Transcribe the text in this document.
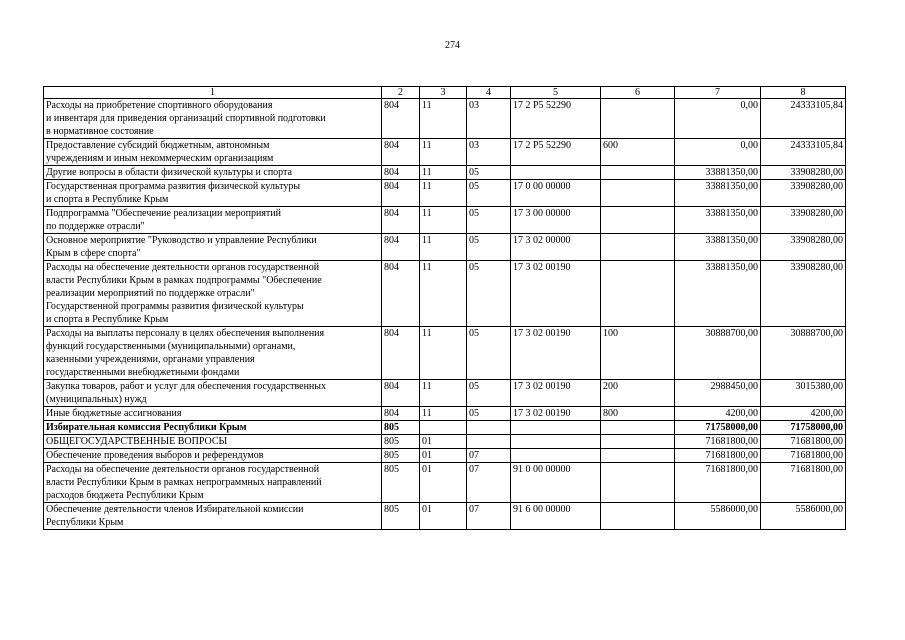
274
1	2	3	4	5	6	7	8
Расходы на приобретение спортивного оборудования
и инвентаря для приведения организаций спортивной подготовки
в нормативное состояние	804	11	03	17 2 Р5 52290		0,00	24333105,84
Предоставление субсидий бюджетным, автономным
учреждениям и иным некоммерческим организациям	804	11	03	17 2 Р5 52290	600	0,00	24333105,84
Другие вопросы в области физической культуры и спорта	804	11	05			33881350,00	33908280,00
Государственная программа развития физической культуры
и спорта в Республике Крым	804	11	05	17 0 00 00000		33881350,00	33908280,00
Подпрограмма "Обеспечение реализации мероприятий
по поддержке отрасли"	804	11	05	17 3 00 00000		33881350,00	33908280,00
Основное мероприятие "Руководство и управление Республики
Крым в сфере спорта"	804	11	05	17 3 02 00000		33881350,00	33908280,00
Расходы на обеспечение деятельности органов государственной
власти Республики Крым в рамках подпрограммы "Обеспечение
реализации мероприятий по поддержке отрасли"
Государственной программы развития физической культуры
и спорта в Республике Крым	804	11	05	17 3 02 00190		33881350,00	33908280,00
Расходы на выплаты персоналу в целях обеспечения выполнения
функций государственными (муниципальными) органами,
казенными учреждениями, органами управления
государственными внебюджетными фондами	804	11	05	17 3 02 00190	100	30888700,00	30888700,00
Закупка товаров, работ и услуг для обеспечения государственных
(муниципальных) нужд	804	11	05	17 3 02 00190	200	2988450,00	3015380,00
Иные бюджетные ассигнования	804	11	05	17 3 02 00190	800	4200,00	4200,00
Избирательная комиссия Республики Крым	805					71758000,00	71758000,00
ОБЩЕГОСУДАРСТВЕННЫЕ ВОПРОСЫ	805	01				71681800,00	71681800,00
Обеспечение проведения выборов и референдумов	805	01	07			71681800,00	71681800,00
Расходы на обеспечение деятельности органов государственной
власти Республики Крым в рамках непрограммных направлений
расходов бюджета Республики Крым	805	01	07	91 0 00 00000		71681800,00	71681800,00
Обеспечение деятельности членов Избирательной комиссии
Республики Крым	805	01	07	91 6 00 00000		5586000,00	5586000,00
